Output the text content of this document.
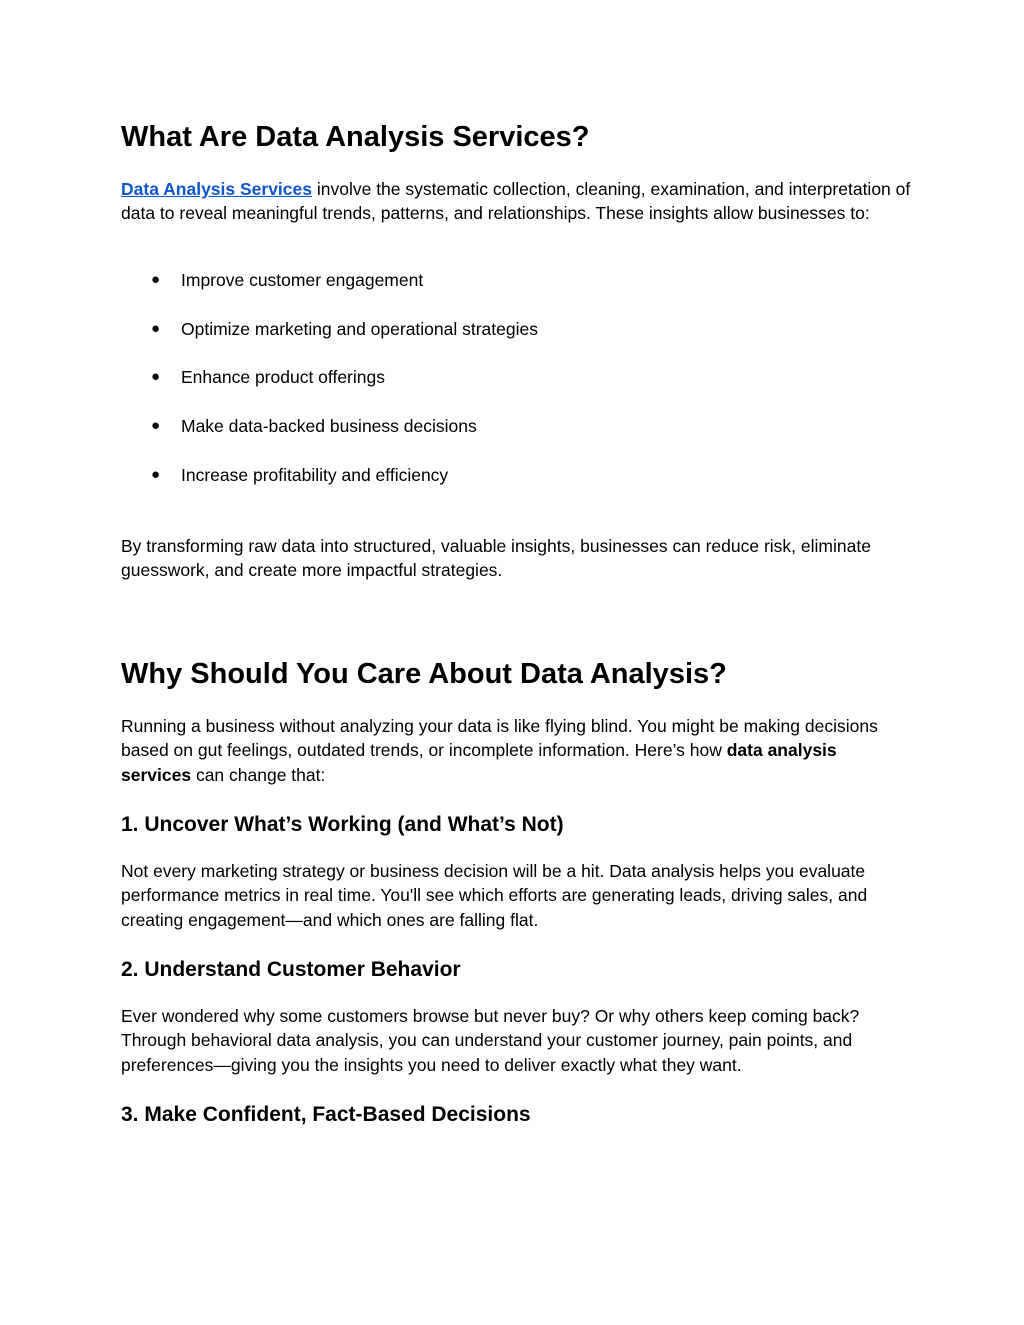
What Are Data Analysis Services?

Data Analysis Services involve the systematic collection, cleaning, examination, and interpretation of data to reveal meaningful trends, patterns, and relationships. These insights allow businesses to:

● Improve customer engagement
● Optimize marketing and operational strategies
● Enhance product offerings
● Make data-backed business decisions
● Increase profitability and efficiency

By transforming raw data into structured, valuable insights, businesses can reduce risk, eliminate guesswork, and create more impactful strategies.

Why Should You Care About Data Analysis?

Running a business without analyzing your data is like flying blind. You might be making decisions based on gut feelings, outdated trends, or incomplete information. Here’s how data analysis services can change that:

1. Uncover What’s Working (and What’s Not)

Not every marketing strategy or business decision will be a hit. Data analysis helps you evaluate performance metrics in real time. You'll see which efforts are generating leads, driving sales, and creating engagement—and which ones are falling flat.

2. Understand Customer Behavior

Ever wondered why some customers browse but never buy? Or why others keep coming back? Through behavioral data analysis, you can understand your customer journey, pain points, and preferences—giving you the insights you need to deliver exactly what they want.

3. Make Confident, Fact-Based Decisions
